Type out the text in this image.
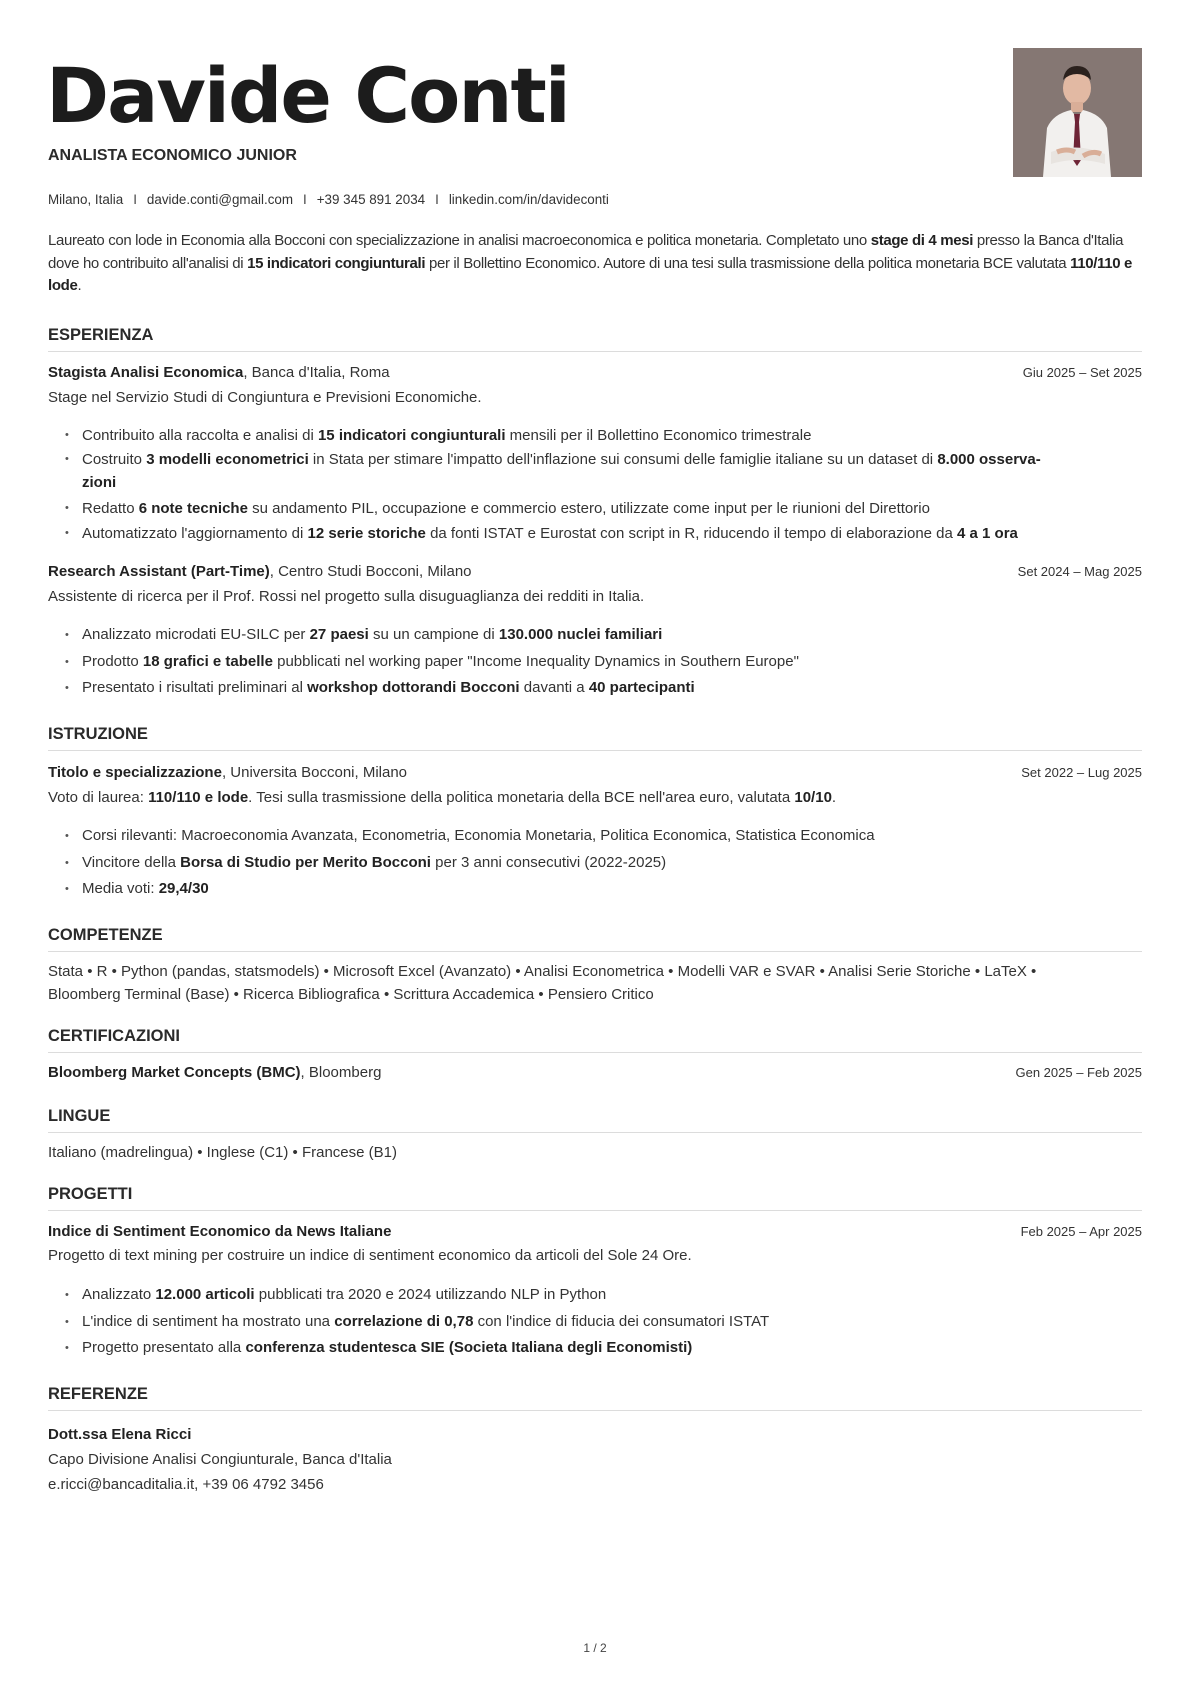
Davide Conti
ANALISTA ECONOMICO JUNIOR
Milano, Italia I davide.conti@gmail.com I +39 345 891 2034 I linkedin.com/in/davideconti
Laureato con lode in Economia alla Bocconi con specializzazione in analisi macroeconomica e politica monetaria. Completato uno stage di 4 mesi presso la Banca d'Italia dove ho contribuito all'analisi di 15 indicatori congiunturali per il Bollettino Economico. Autore di una tesi sulla trasmissione della politica monetaria BCE valutata 110/110 e lode.
ESPERIENZA
Stagista Analisi Economica, Banca d'Italia, Roma	Giu 2025 – Set 2025
Stage nel Servizio Studi di Congiuntura e Previsioni Economiche.
• Contribuito alla raccolta e analisi di 15 indicatori congiunturali mensili per il Bollettino Economico trimestrale
• Costruito 3 modelli econometrici in Stata per stimare l'impatto dell'inflazione sui consumi delle famiglie italiane su un dataset di 8.000 osserva-
zioni
• Redatto 6 note tecniche su andamento PIL, occupazione e commercio estero, utilizzate come input per le riunioni del Direttorio
• Automatizzato l'aggiornamento di 12 serie storiche da fonti ISTAT e Eurostat con script in R, riducendo il tempo di elaborazione da 4 a 1 ora
Research Assistant (Part-Time), Centro Studi Bocconi, Milano	Set 2024 – Mag 2025
Assistente di ricerca per il Prof. Rossi nel progetto sulla disuguaglianza dei redditi in Italia.
• Analizzato microdati EU-SILC per 27 paesi su un campione di 130.000 nuclei familiari
• Prodotto 18 grafici e tabelle pubblicati nel working paper "Income Inequality Dynamics in Southern Europe"
• Presentato i risultati preliminari al workshop dottorandi Bocconi davanti a 40 partecipanti
ISTRUZIONE
Titolo e specializzazione, Universita Bocconi, Milano	Set 2022 – Lug 2025
Voto di laurea: 110/110 e lode. Tesi sulla trasmissione della politica monetaria della BCE nell'area euro, valutata 10/10.
• Corsi rilevanti: Macroeconomia Avanzata, Econometria, Economia Monetaria, Politica Economica, Statistica Economica
• Vincitore della Borsa di Studio per Merito Bocconi per 3 anni consecutivi (2022-2025)
• Media voti: 29,4/30
COMPETENZE
Stata • R • Python (pandas, statsmodels) • Microsoft Excel (Avanzato) • Analisi Econometrica • Modelli VAR e SVAR • Analisi Serie Storiche • LaTeX •
Bloomberg Terminal (Base) • Ricerca Bibliografica • Scrittura Accademica • Pensiero Critico
CERTIFICAZIONI
Bloomberg Market Concepts (BMC), Bloomberg	Gen 2025 – Feb 2025
LINGUE
Italiano (madrelingua) • Inglese (C1) • Francese (B1)
PROGETTI
Indice di Sentiment Economico da News Italiane	Feb 2025 – Apr 2025
Progetto di text mining per costruire un indice di sentiment economico da articoli del Sole 24 Ore.
• Analizzato 12.000 articoli pubblicati tra 2020 e 2024 utilizzando NLP in Python
• L'indice di sentiment ha mostrato una correlazione di 0,78 con l'indice di fiducia dei consumatori ISTAT
• Progetto presentato alla conferenza studentesca SIE (Societa Italiana degli Economisti)
REFERENZE
Dott.ssa Elena Ricci
Capo Divisione Analisi Congiunturale, Banca d'Italia
e.ricci@bancaditalia.it, +39 06 4792 3456
1 / 2
